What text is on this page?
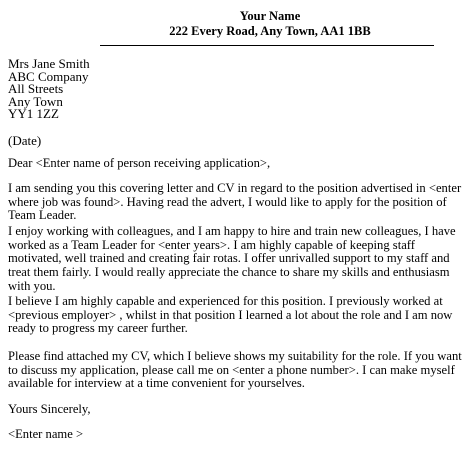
Your Name
222 Every Road, Any Town, AA1 1BB
Mrs Jane Smith
ABC Company
All Streets
Any Town
YY1 1ZZ
(Date)
Dear <Enter name of person receiving application>,
I am sending you this covering letter and CV in regard to the position advertised in <enter where job was found>. Having read the advert, I would like to apply for the position of Team Leader.
I enjoy working with colleagues, and I am happy to hire and train new colleagues, I have worked as a Team Leader for <enter years>. I am highly capable of keeping staff motivated, well trained and creating fair rotas. I offer unrivalled support to my staff and treat them fairly. I would really appreciate the chance to share my skills and enthusiasm with you.
I believe I am highly capable and experienced for this position. I previously worked at <previous employer> , whilst in that position I learned a lot about the role and I am now ready to progress my career further.
Please find attached my CV, which I believe shows my suitability for the role. If you want to discuss my application, please call me on <enter a phone number>. I can make myself available for interview at a time convenient for yourselves.
Yours Sincerely,
<Enter name >
